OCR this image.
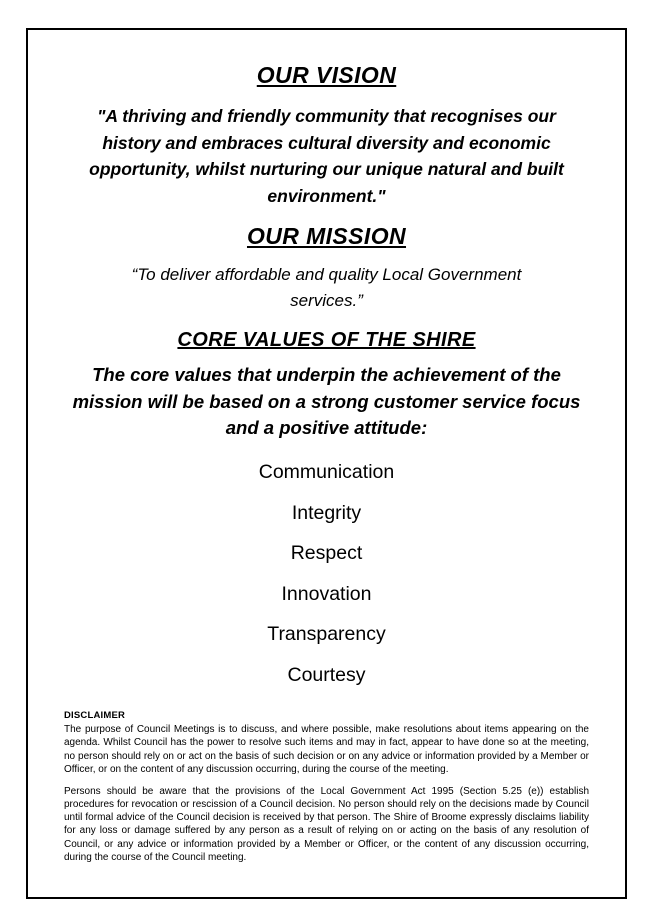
OUR VISION

"A thriving and friendly community that recognises our history and embraces cultural diversity and economic opportunity, whilst nurturing our unique natural and built environment."

OUR MISSION

“To deliver affordable and quality Local Government services.”

CORE VALUES OF THE SHIRE

The core values that underpin the achievement of the mission will be based on a strong customer service focus and a positive attitude:

Communication
Integrity
Respect
Innovation
Transparency
Courtesy
DISCLAIMER

The purpose of Council Meetings is to discuss, and where possible, make resolutions about items appearing on the agenda. Whilst Council has the power to resolve such items and may in fact, appear to have done so at the meeting, no person should rely on or act on the basis of such decision or on any advice or information provided by a Member or Officer, or on the content of any discussion occurring, during the course of the meeting.

Persons should be aware that the provisions of the Local Government Act 1995 (Section 5.25 (e)) establish procedures for revocation or rescission of a Council decision. No person should rely on the decisions made by Council until formal advice of the Council decision is received by that person. The Shire of Broome expressly disclaims liability for any loss or damage suffered by any person as a result of relying on or acting on the basis of any resolution of Council, or any advice or information provided by a Member or Officer, or the content of any discussion occurring, during the course of the Council meeting.
